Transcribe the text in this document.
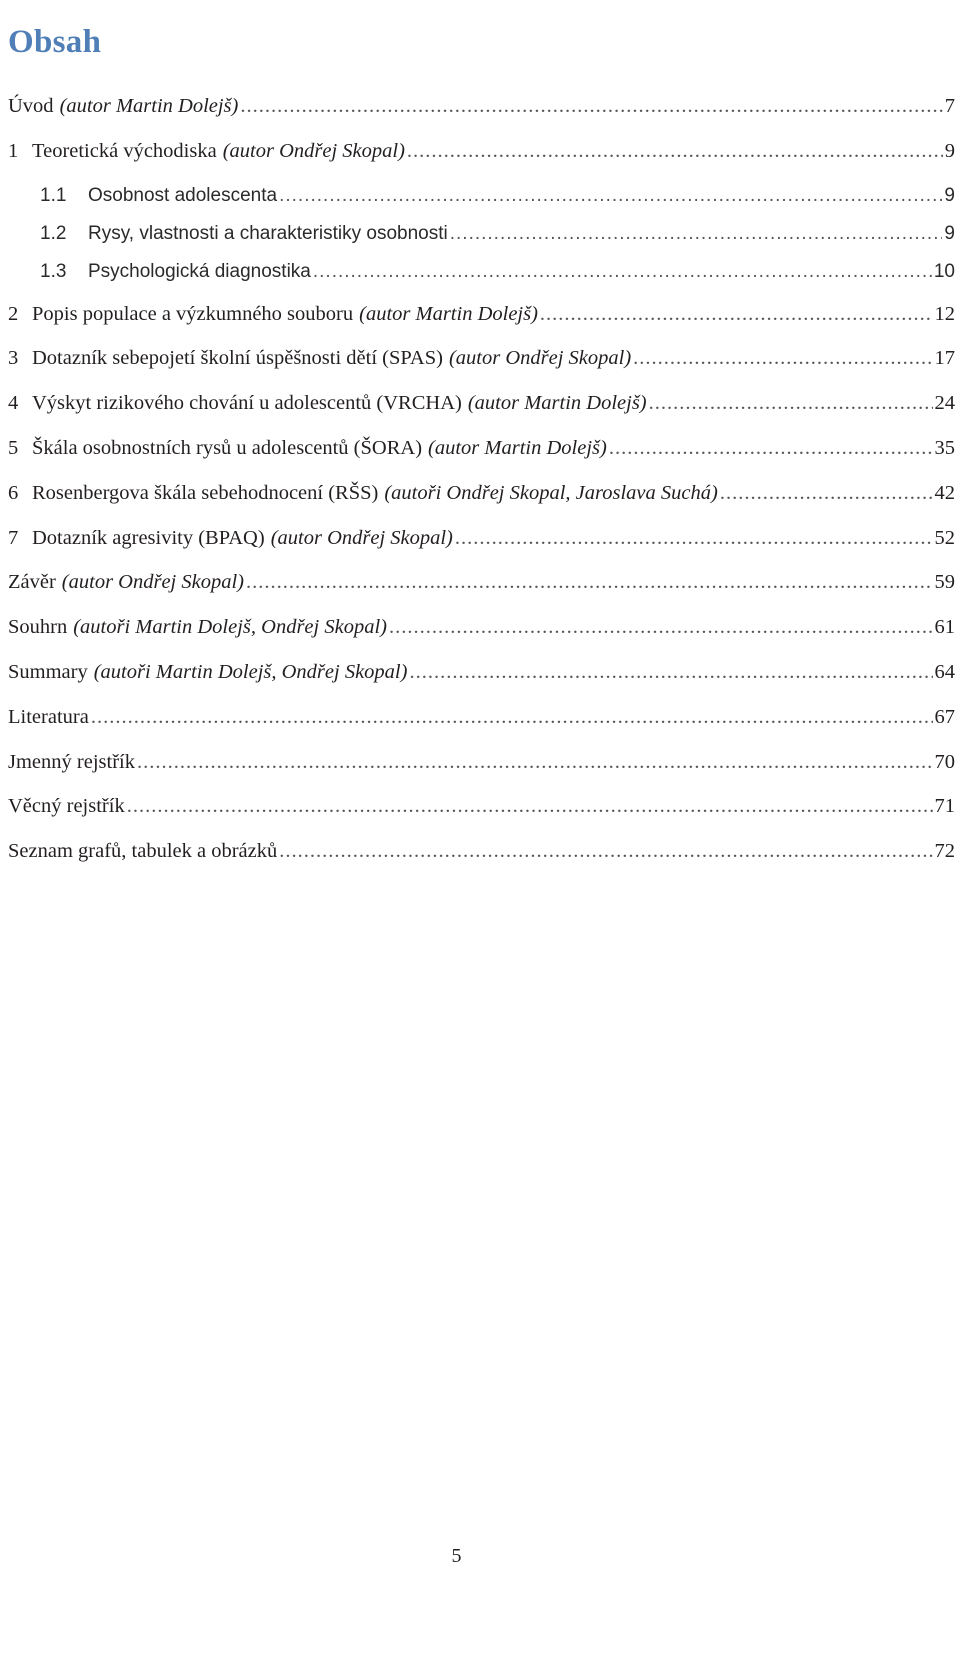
Obsah
Úvod (autor Martin Dolejš) .....	7
1 Teoretická východiska (autor Ondřej Skopal) .....	9
1.1	Osobnost adolescenta .....	9
1.2	Rysy, vlastnosti a charakteristiky osobnosti .....	9
1.3	Psychologická diagnostika .....	10
2 Popis populace a výzkumného souboru (autor Martin Dolejš) .....	12
3 Dotazník sebepojetí školní úspěšnosti dětí (SPAS) (autor Ondřej Skopal) .....	17
4 Výskyt rizikového chování u adolescentů (VRCHA) (autor Martin Dolejš) .....	24
5 Škála osobnostních rysů u adolescentů (ŠORA) (autor Martin Dolejš) .....	35
6 Rosenbergova škála sebehodnocení (RŠS) (autoři Ondřej Skopal, Jaroslava Suchá) .....	42
7 Dotazník agresivity (BPAQ) (autor Ondřej Skopal) .....	52
Závěr (autor Ondřej Skopal) .....	59
Souhrn (autoři Martin Dolejš, Ondřej Skopal) .....	61
Summary (autoři Martin Dolejš, Ondřej Skopal) .....	64
Literatura .....	67
Jmenný rejstřík .....	70
Věcný rejstřík .....	71
Seznam grafů, tabulek a obrázků .....	72
5
